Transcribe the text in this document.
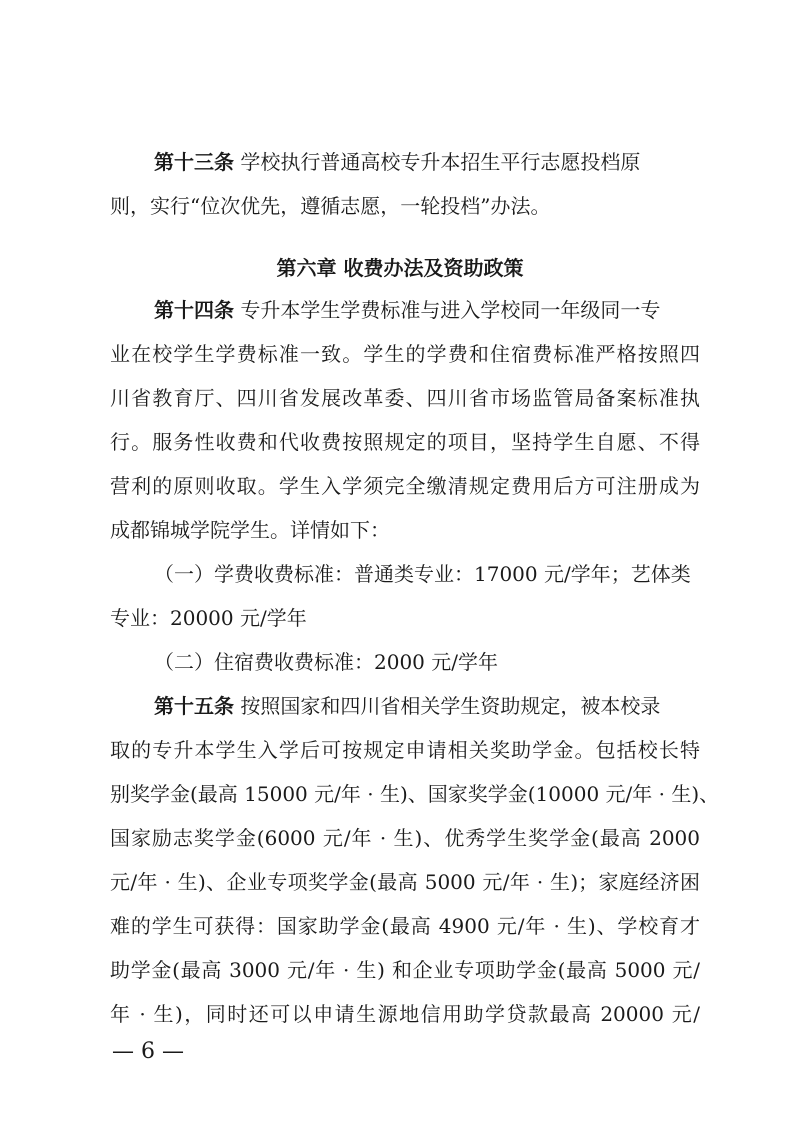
第十三条 学校执行普通高校专升本招生平行志愿投档原
则，实行“位次优先，遵循志愿，一轮投档”办法。
第六章 收费办法及资助政策
第十四条 专升本学生学费标准与进入学校同一年级同一专
业在校学生学费标准一致。学生的学费和住宿费标准严格按照四
川省教育厅、四川省发展改革委、四川省市场监管局备案标准执
行。服务性收费和代收费按照规定的项目，坚持学生自愿、不得
营利的原则收取。学生入学须完全缴清规定费用后方可注册成为
成都锦城学院学生。详情如下：
（一）学费收费标准：普通类专业：17000 元/学年；艺体类
专业：20000 元/学年
（二）住宿费收费标准：2000 元/学年
第十五条 按照国家和四川省相关学生资助规定，被本校录
取的专升本学生入学后可按规定申请相关奖助学金。包括校长特
别奖学金(最高 15000 元/年 · 生)、国家奖学金(10000 元/年 · 生)、
国家励志奖学金(6000 元/年 · 生)、优秀学生奖学金(最高 2000
元/年 · 生)、企业专项奖学金(最高 5000 元/年 · 生)；家庭经济困
难的学生可获得：国家助学金(最高 4900 元/年 · 生)、学校育才
助学金(最高 3000 元/年 · 生) 和企业专项助学金(最高 5000 元/
年 · 生)，同时还可以申请生源地信用助学贷款最高 20000 元/
— 6 —
